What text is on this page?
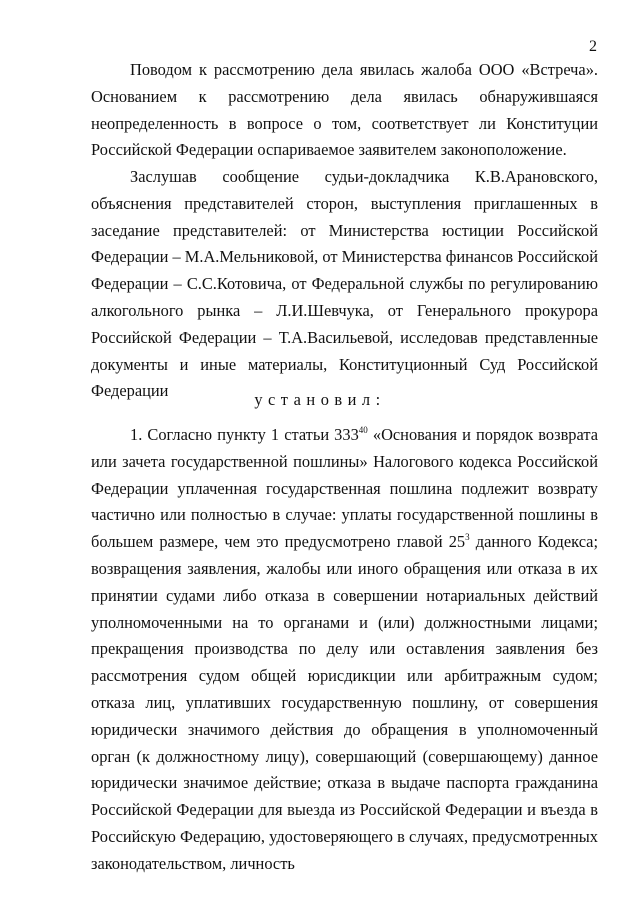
2

Поводом к рассмотрению дела явилась жалоба ООО «Встреча». Основанием к рассмотрению дела явилась обнаружившаяся неопределенность в вопросе о том, соответствует ли Конституции Российской Федерации оспариваемое заявителем законоположение.

Заслушав сообщение судьи-докладчика К.В.Арановского, объяснения представителей сторон, выступления приглашенных в заседание представителей: от Министерства юстиции Российской Федерации – М.А.Мельниковой, от Министерства финансов Российской Федерации – С.С.Котовича, от Федеральной службы по регулированию алкогольного рынка – Л.И.Шевчука, от Генерального прокурора Российской Федерации – Т.А.Васильевой, исследовав представленные документы и иные материалы, Конституционный Суд Российской Федерации	установил:

1. Согласно пункту 1 статьи $333^{40}$ «Основания и порядок возврата или зачета государственной пошлины» Налогового кодекса Российской Федерации уплаченная государственная пошлина подлежит возврату частично или полностью в случае: уплаты государственной пошлины в большем размере, чем это предусмотрено главой $25^3$ данного Кодекса; возвращения заявления, жалобы или иного обращения или отказа в их принятии судами либо отказа в совершении нотариальных действий уполномоченными на то органами и (или) должностными лицами; прекращения производства по делу или оставления заявления без рассмотрения судом общей юрисдикции или арбитражным судом; отказа лиц, уплативших государственную пошлину, от совершения юридически значимого действия до обращения в уполномоченный орган (к должностному лицу), совершающий (совершающему) данное юридически значимое действие; отказа в выдаче паспорта гражданина Российской Федерации для выезда из Российской Федерации и въезда в Российскую Федерацию, удостоверяющего в случаях, предусмотренных законодательством, личность
